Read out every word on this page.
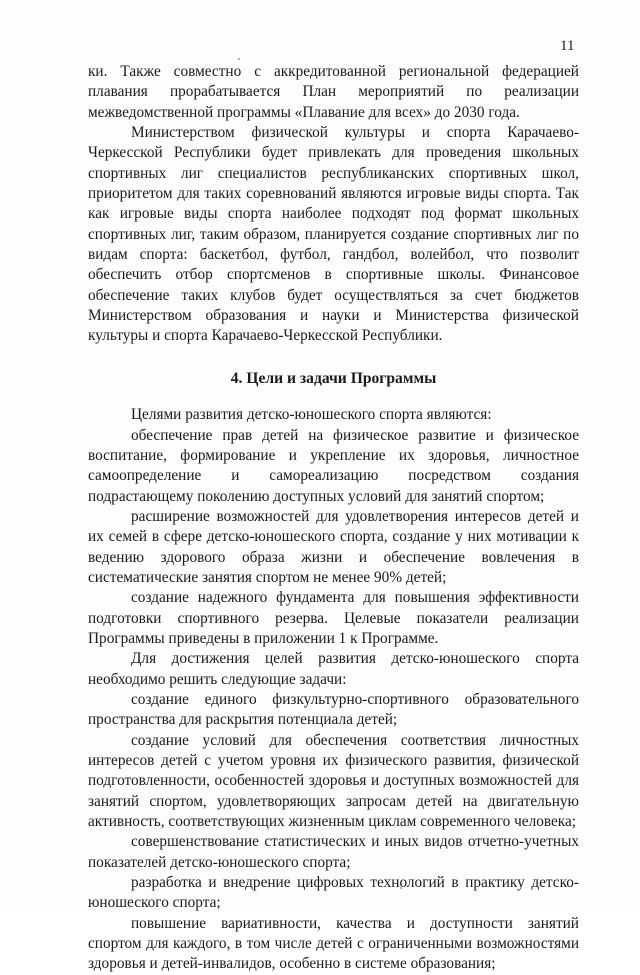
11

ки. Также совместно с аккредитованной региональной федерацией плавания прорабатывается План мероприятий по реализации межведомственной программы «Плавание для всех» до 2030 года.

Министерством физической культуры и спорта Карачаево-Черкесской Республики будет привлекать для проведения школьных спортивных лиг специалистов республиканских спортивных школ, приоритетом для таких соревнований являются игровые виды спорта. Так как игровые виды спорта наиболее подходят под формат школьных спортивных лиг, таким образом, планируется создание спортивных лиг по видам спорта: баскетбол, футбол, гандбол, волейбол, что позволит обеспечить отбор спортсменов в спортивные школы. Финансовое обеспечение таких клубов будет осуществляться за счет бюджетов Министерством образования и науки и Министерства физической культуры и спорта Карачаево-Черкесской Республики.

4. Цели и задачи Программы

Целями развития детско-юношеского спорта являются:

обеспечение прав детей на физическое развитие и физическое воспитание, формирование и укрепление их здоровья, личностное самоопределение и самореализацию посредством создания подрастающему поколению доступных условий для занятий спортом;

расширение возможностей для удовлетворения интересов детей и их семей в сфере детско-юношеского спорта, создание у них мотивации к ведению здорового образа жизни и обеспечение вовлечения в систематические занятия спортом не менее 90% детей;

создание надежного фундамента для повышения эффективности подготовки спортивного резерва. Целевые показатели реализации Программы приведены в приложении 1 к Программе.

Для достижения целей развития детско-юношеского спорта необходимо решить следующие задачи:

создание единого физкультурно-спортивного образовательного пространства для раскрытия потенциала детей;

создание условий для обеспечения соответствия личностных интересов детей с учетом уровня их физического развития, физической подготовленности, особенностей здоровья и доступных возможностей для занятий спортом, удовлетворяющих запросам детей на двигательную активность, соответствующих жизненным циклам современного человека;

совершенствование статистических и иных видов отчетно-учетных показателей детско-юношеского спорта;

разработка и внедрение цифровых технологий в практику детско-юношеского спорта;

повышение вариативности, качества и доступности занятий спортом для каждого, в том числе детей с ограниченными возможностями здоровья и детей-инвалидов, особенно в системе образования;
